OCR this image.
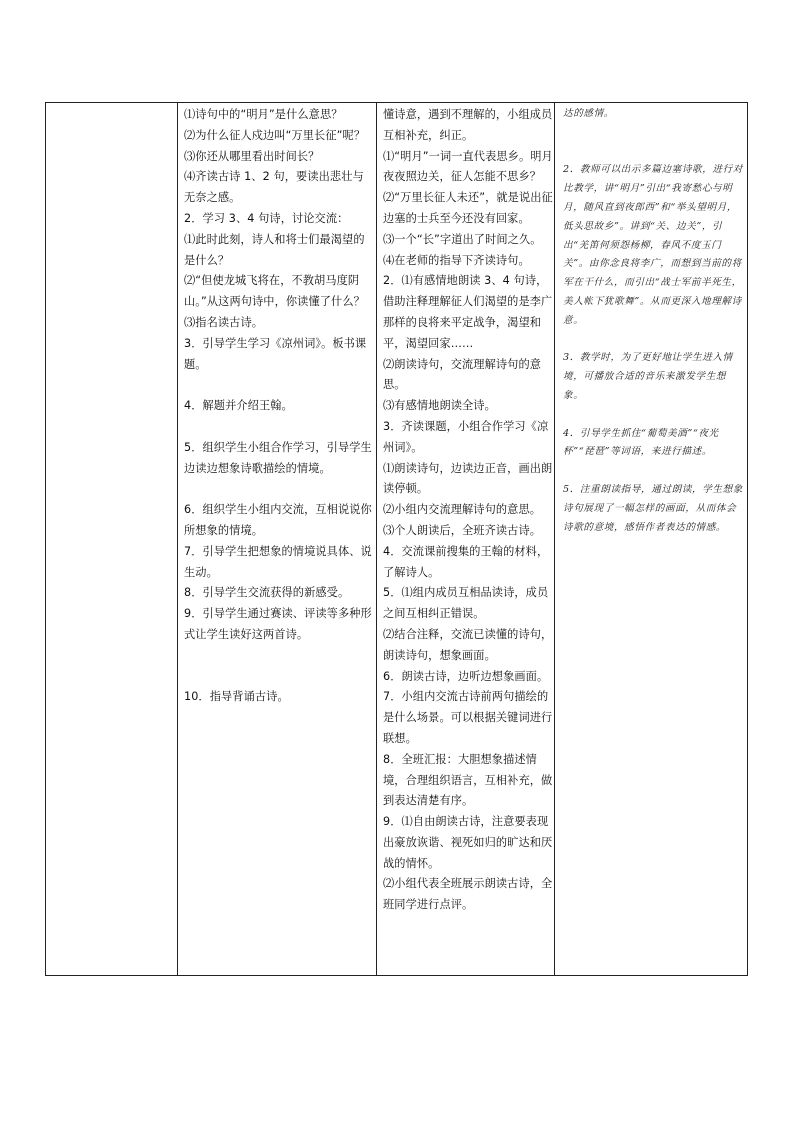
⑴诗句中的“明月”是什么意思？

⑵为什么征人戍边叫“万里长征”呢？

⑶你还从哪里看出时间长？

⑷齐读古诗 1、2 句，要读出悲壮与无奈之感。

2．学习 3、4 句诗，讨论交流：

⑴此时此刻，诗人和将士们最渴望的是什么？

⑵“但使龙城飞将在，不教胡马度阴山。”从这两句诗中，你读懂了什么？

⑶指名读古诗。

3．引导学生学习《凉州词》。板书课题。

4．解题并介绍王翰。

5．组织学生小组合作学习，引导学生边读边想象诗歌描绘的情境。

6．组织学生小组内交流，互相说说你所想象的情境。

7．引导学生把想象的情境说具体、说生动。

8．引导学生交流获得的新感受。

9．引导学生通过赛读、评读等多种形式让学生读好这两首诗。

10．指导背诵古诗。

懂诗意，遇到不理解的，小组成员互相补充，纠正。

⑴“明月”一词一直代表思乡。明月夜夜照边关，征人怎能不思乡？

⑵“万里长征人未还”，就是说出征边塞的士兵至今还没有回家。

⑶一个“长”字道出了时间之久。

⑷在老师的指导下齐读诗句。

2．⑴有感情地朗读 3、4 句诗，借助注释理解征人们渴望的是李广那样的良将来平定战争，渴望和平，渴望回家……

⑵朗读诗句，交流理解诗句的意思。

⑶有感情地朗读全诗。

3．齐读课题，小组合作学习《凉州词》。

⑴朗读诗句，边读边正音，画出朗读停顿。

⑵小组内交流理解诗句的意思。

⑶个人朗读后，全班齐读古诗。

4．交流课前搜集的王翰的材料，了解诗人。

5．⑴组内成员互相品读诗，成员之间互相纠正错误。

⑵结合注释，交流已读懂的诗句，朗读诗句，想象画面。

6．朗读古诗，边听边想象画面。

7．小组内交流古诗前两句描绘的是什么场景。可以根据关键词进行联想。

8．全班汇报：大胆想象描述情境，合理组织语言，互相补充，做到表达清楚有序。

9．⑴自由朗读古诗，注意要表现出豪放诙谐、视死如归的旷达和厌战的情怀。

⑵小组代表全班展示朗读古诗，全班同学进行点评。

达的感情。

2．教师可以出示多篇边塞诗歌，进行对比教学，讲“明月”引出“我寄愁心与明月，随风直到夜郎西”和“举头望明月，低头思故乡”。讲到“关、边关”，引出“羌笛何须怨杨柳，春风不度玉门关”。由你念良将李广，而想到当前的将军在干什么，而引出“战士军前半死生，美人帐下犹歌舞”。从而更深入地理解诗意。

3．教学时，为了更好地让学生进入情境，可播放合适的音乐来激发学生想象。

4．引导学生抓住“葡萄美酒”“夜光杯”“琵琶”等词语，来进行描述。

5．注重朗读指导，通过朗读，学生想象诗句展现了一幅怎样的画面，从而体会诗歌的意境，感悟作者表达的情感。
